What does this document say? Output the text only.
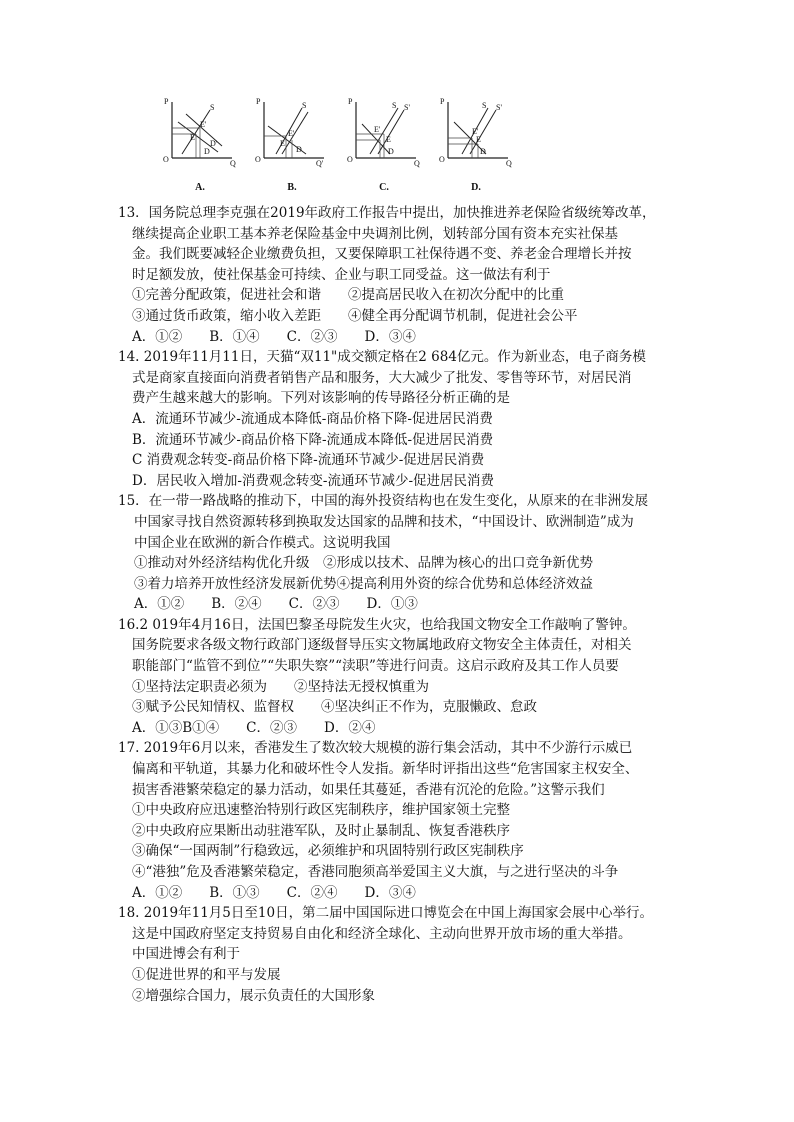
P
O	Q
S
E'
E
D'
D
A.
P
O	Q'
S
E'
E
D
B.
P
O	Q
S S'
E'
E
D
C.
P
O	Q
S S'
E'
E
D
D.
13．国务院总理李克强在2019年政府工作报告中提出，加快推进养老保险省级统筹改革，
继续提高企业职工基本养老保险基金中央调剂比例，划转部分国有资本充实社保基
金。我们既要减轻企业缴费负担，又要保障职工社保待遇不变、养老金合理增长并按
时足额发放，使社保基金可持续、企业与职工同受益。这一做法有利于
①完善分配政策，促进社会和谐　　②提高居民收入在初次分配中的比重
③通过货币政策，缩小收入差距　　④健全再分配调节机制，促进社会公平
A．①②　　B．①④　　C．②③　　D．③④
14. 2019年11月11日，天猫“双11"成交额定格在2 684亿元。作为新业态，电子商务模
式是商家直接面向消费者销售产品和服务，大大减少了批发、零售等环节，对居民消
费产生越来越大的影响。下列对该影响的传导路径分析正确的是
A．流通环节减少-流通成本降低-商品价格下降-促进居民消费
B．流通环节减少-商品价格下降-流通成本降低-促进居民消费
C 消费观念转变-商品价格下降-流通环节减少-促进居民消费
D．居民收入增加-消费观念转变-流通环节减少-促进居民消费
15．在一带一路战略的推动下，中国的海外投资结构也在发生变化，从原来的在非洲发展
中国家寻找自然资源转移到换取发达国家的品牌和技术，“中国设计、欧洲制造”成为
中国企业在欧洲的新合作模式。这说明我国
①推动对外经济结构优化升级　②形成以技术、品牌为核心的出口竞争新优势
③着力培养开放性经济发展新优势④提高利用外资的综合优势和总体经济效益
A．①②　　B．②④　　C．②③　　D．①③
16.2 019年4月16日，法国巴黎圣母院发生火灾，也给我国文物安全工作敲响了警钟。
国务院要求各级文物行政部门逐级督导压实文物属地政府文物安全主体责任，对相关
职能部门“监管不到位”“失职失察”“渎职”等进行问责。这启示政府及其工作人员要
①坚持法定职责必须为　　②坚持法无授权慎重为
③赋予公民知情权、监督权　　④坚决纠正不作为，克服懒政、怠政
A．①③B①④　　C．②③　　D．②④
17. 2019年6月以来，香港发生了数次较大规模的游行集会活动，其中不少游行示威已
偏离和平轨道，其暴力化和破坏性令人发指。新华时评指出这些“危害国家主权安全、
损害香港繁荣稳定的暴力活动，如果任其蔓延，香港有沉沦的危险。”这警示我们
①中央政府应迅速整治特别行政区宪制秩序，维护国家领土完整
②中央政府应果断出动驻港军队，及时止暴制乱、恢复香港秩序
③确保“一国两制”行稳致远，必须维护和巩固特别行政区宪制秩序
④“港独”危及香港繁荣稳定，香港同胞须高举爱国主义大旗，与之进行坚决的斗争
A．①②　　B．①③　　C．②④　　D．③④
18. 2019年11月5日至10日，第二届中国国际进口博览会在中国上海国家会展中心举行。
这是中国政府坚定支持贸易自由化和经济全球化、主动向世界开放市场的重大举措。
中国进博会有利于
①促进世界的和平与发展
②增强综合国力，展示负责任的大国形象
